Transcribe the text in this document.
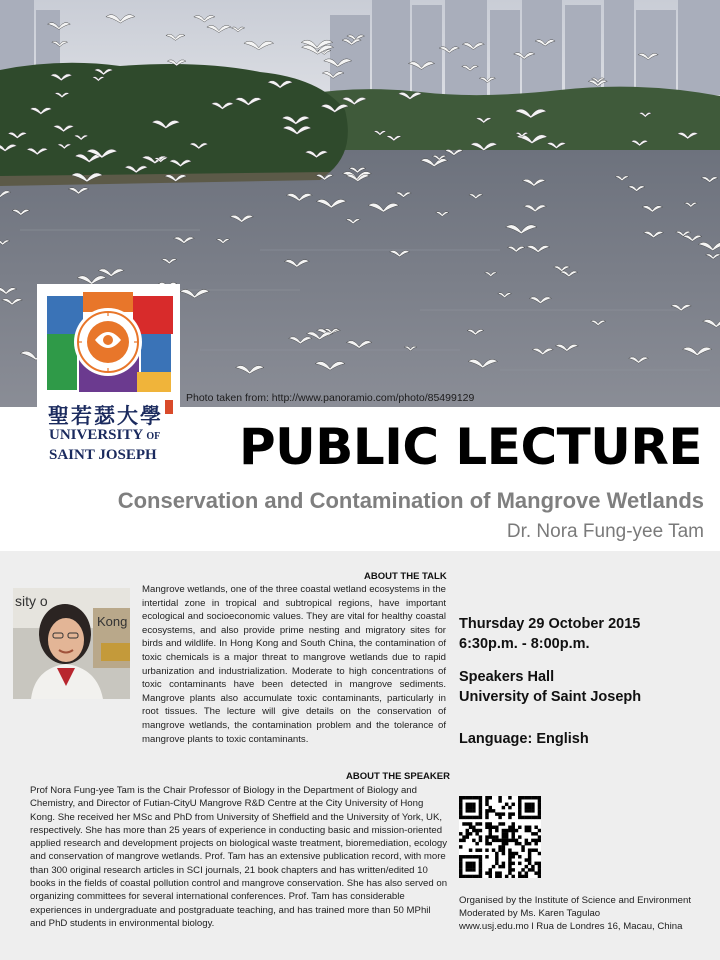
Photo taken from: http://www.panoramio.com/photo/85499129
聖若瑟大學
UNIVERSITY OF
SAINT JOSEPH PUBLIC LECTURE
Conservation and Contamination of Mangrove Wetlands
Dr. Nora Fung-yee Tam
sity o
Kong
ABOUT THE TALK
Mangrove wetlands, one of the three coastal wetland ecosystems in the intertidal zone in tropical and subtropical regions, have important ecological and socioeconomic values. They are vital for healthy coastal ecosystems, and also provide prime nesting and migratory sites for birds and wildlife. In Hong Kong and South China, the contamination of toxic chemicals is a major threat to mangrove wetlands due to rapid urbanization and industrialization. Moderate to high concentrations of toxic contaminants have been detected in mangrove sediments. Mangrove plants also accumulate toxic contaminants, particularly in root tissues. The lecture will give details on the conservation of mangrove wetlands, the contamination problem and the tolerance of mangrove plants to toxic contaminants.
ABOUT THE SPEAKER
Prof Nora Fung-yee Tam is the Chair Professor of Biology in the Department of Biology and Chemistry, and Director of Futian-CityU Mangrove R&D Centre at the City University of Hong Kong. She received her MSc and PhD from University of Sheffield and the University of York, UK, respectively. She has more than 25 years of experience in conducting basic and mission-oriented applied research and development projects on biological waste treatment, bioremediation, ecology and conservation of mangrove wetlands. Prof. Tam has an extensive publication record, with more than 300 original research articles in SCI journals, 21 book chapters and has written/edited 10 books in the fields of coastal pollution control and mangrove conservation. She has also served on organizing committees for several international conferences. Prof. Tam has considerable experiences in undergraduate and postgraduate teaching, and has trained more than 50 MPhil and PhD students in environmental biology.
Thursday 29 October 2015
6:30p.m. - 8:00p.m.
Speakers Hall
University of Saint Joseph
Language: English
Organised by the Institute of Science and Environment
Moderated by Ms. Karen Tagulao
www.usj.edu.mo l Rua de Londres 16, Macau, China
